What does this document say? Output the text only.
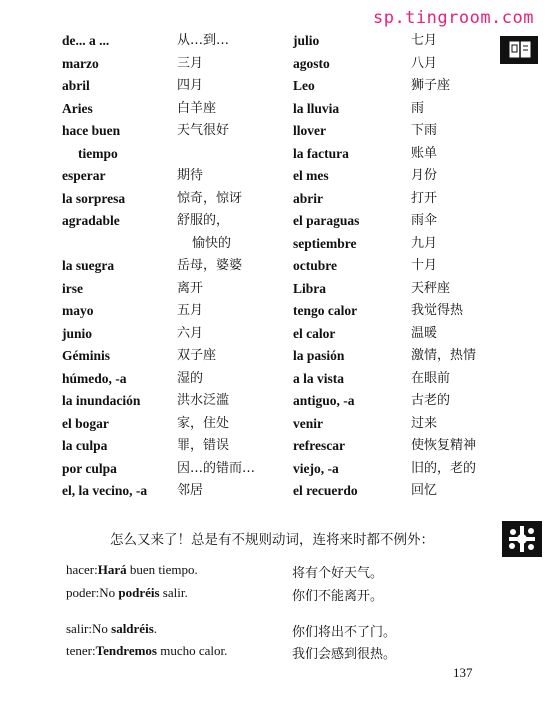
sp.tingroom.com
de... a ...	从…到…
marzo	三月
abril	四月
Aries	白羊座
hace buen	天气很好
tiempo
esperar	期待
la sorpresa	惊奇，惊讶
agradable	舒服的，
愉快的
la suegra	岳母，婆婆
irse	离开
mayo	五月
junio	六月
Géminis	双子座
húmedo, -a	湿的
la inundación	洪水泛滥
el bogar	家，住处
la culpa	罪，错误
por culpa	因…的错而…
el, la vecino, -a 邻居
julio	七月
agosto	八月
Leo	狮子座
la lluvia	雨
llover	下雨
la factura	账单
el mes	月份
abrir	打开
el paraguas	雨伞
septiembre	九月
octubre	十月
Libra	天秤座
tengo calor	我觉得热
el calor	温暖
la pasión	激情，热情
a la vista	在眼前
antiguo, -a	古老的
venir	过来
refrescar	使恢复精神
viejo, -a	旧的，老的
el recuerdo	回忆
怎么又来了！总是有不规则动词，连将来时都不例外：
hacer:Hará buen tiempo.	将有个好天气。
poder:No podréis salir.	你们不能离开。
salir:No saldréis.	你们将出不了门。
tener:Tendremos mucho calor.	我们会感到很热。
137
